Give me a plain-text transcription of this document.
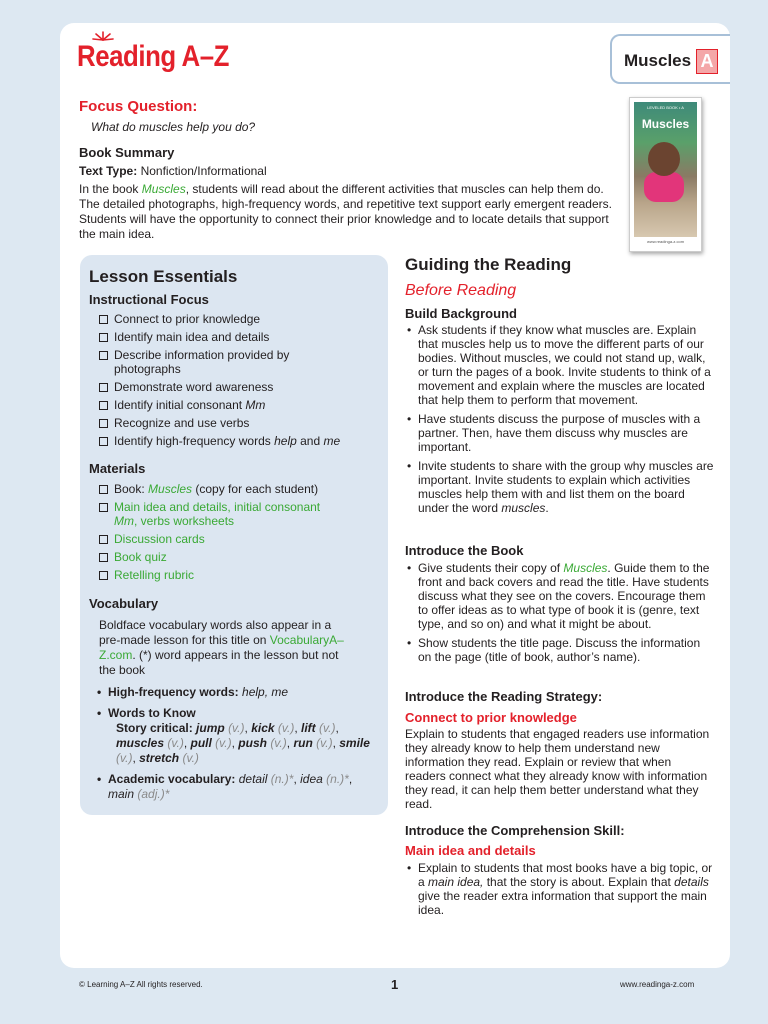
Reading A–Z	Muscles A
LEVELED BOOK • A
Muscles
www.readinga-z.com
Focus Question:
What do muscles help you do?
Book Summary
Text Type: Nonfiction/Informational
In the book Muscles, students will read about the different activities that muscles can help them do. The detailed photographs, high-frequency words, and repetitive text support early emergent readers. Students will have the opportunity to connect their prior knowledge and to locate details that support the main idea.
Lesson Essentials
Instructional Focus
Connect to prior knowledge
Identify main idea and details
Describe information provided by photographs
Demonstrate word awareness
Identify initial consonant Mm
Recognize and use verbs
Identify high-frequency words help and me
Materials
Book: Muscles (copy for each student)
Main idea and details, initial consonant Mm, verbs worksheets
Discussion cards
Book quiz
Retelling rubric
Vocabulary
Boldface vocabulary words also appear in a pre-made lesson for this title on VocabularyA–Z.com. (*) word appears in the lesson but not the book
• High-frequency words: help, me
• Words to Know
Story critical: jump (v.), kick (v.), lift (v.), muscles (v.), pull (v.), push (v.), run (v.), smile (v.), stretch (v.)
• Academic vocabulary: detail (n.)*, idea (n.)*, main (adj.)*
Guiding the Reading
Before Reading
Build Background
• Ask students if they know what muscles are. Explain that muscles help us to move the different parts of our bodies. Without muscles, we could not stand up, walk, or turn the pages of a book. Invite students to think of a movement and explain where the muscles are located that help them to perform that movement.
• Have students discuss the purpose of muscles with a partner. Then, have them discuss why muscles are important.
• Invite students to share with the group why muscles are important. Invite students to explain which activities muscles help them with and list them on the board under the word muscles.
Introduce the Book
• Give students their copy of Muscles. Guide them to the front and back covers and read the title. Have students discuss what they see on the covers. Encourage them to offer ideas as to what type of book it is (genre, text type, and so on) and what it might be about.
• Show students the title page. Discuss the information on the page (title of book, author’s name).
Introduce the Reading Strategy:
Connect to prior knowledge
Explain to students that engaged readers use information they already know to help them understand new information they read. Explain or review that when readers connect what they already know with information they read, it can help them better understand what they read.
Introduce the Comprehension Skill:
Main idea and details
• Explain to students that most books have a big topic, or a main idea, that the story is about. Explain that details give the reader extra information that support the main idea.
© Learning A–Z All rights reserved.	1	www.readinga-z.com
